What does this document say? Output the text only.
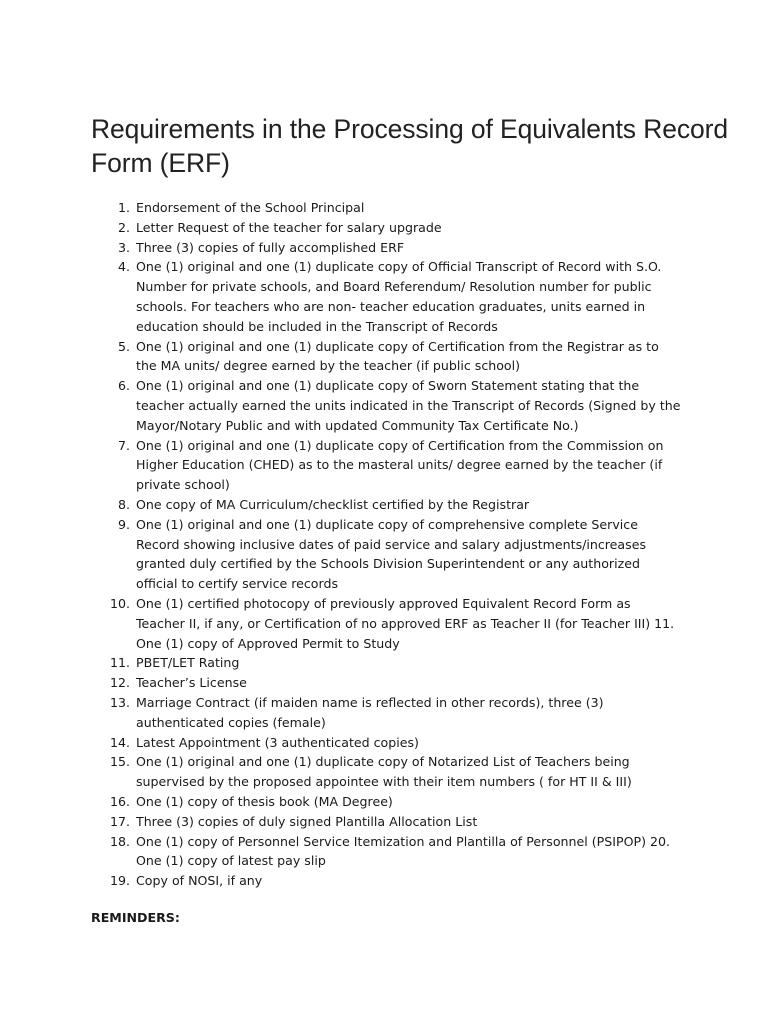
Requirements in the Processing of Equivalents Record Form (ERF)
1. Endorsement of the School Principal
2. Letter Request of the teacher for salary upgrade
3. Three (3) copies of fully accomplished ERF
4. One (1) original and one (1) duplicate copy of Official Transcript of Record with S.O. Number for private schools, and Board Referendum/ Resolution number for public schools. For teachers who are non- teacher education graduates, units earned in education should be included in the Transcript of Records
5. One (1) original and one (1) duplicate copy of Certification from the Registrar as to the MA units/ degree earned by the teacher (if public school)
6. One (1) original and one (1) duplicate copy of Sworn Statement stating that the teacher actually earned the units indicated in the Transcript of Records (Signed by the Mayor/Notary Public and with updated Community Tax Certificate No.)
7. One (1) original and one (1) duplicate copy of Certification from the Commission on Higher Education (CHED) as to the masteral units/ degree earned by the teacher (if private school)
8. One copy of MA Curriculum/checklist certified by the Registrar
9. One (1) original and one (1) duplicate copy of comprehensive complete Service Record showing inclusive dates of paid service and salary adjustments/increases granted duly certified by the Schools Division Superintendent or any authorized official to certify service records
10. One (1) certified photocopy of previously approved Equivalent Record Form as Teacher II, if any, or Certification of no approved ERF as Teacher II (for Teacher III) 11. One (1) copy of Approved Permit to Study
11. PBET/LET Rating
12. Teacher’s License
13. Marriage Contract (if maiden name is reflected in other records), three (3) authenticated copies (female)
14. Latest Appointment (3 authenticated copies)
15. One (1) original and one (1) duplicate copy of Notarized List of Teachers being supervised by the proposed appointee with their item numbers ( for HT II & III)
16. One (1) copy of thesis book (MA Degree)
17. Three (3) copies of duly signed Plantilla Allocation List
18. One (1) copy of Personnel Service Itemization and Plantilla of Personnel (PSIPOP) 20. One (1) copy of latest pay slip
19. Copy of NOSI, if any

REMINDERS:
